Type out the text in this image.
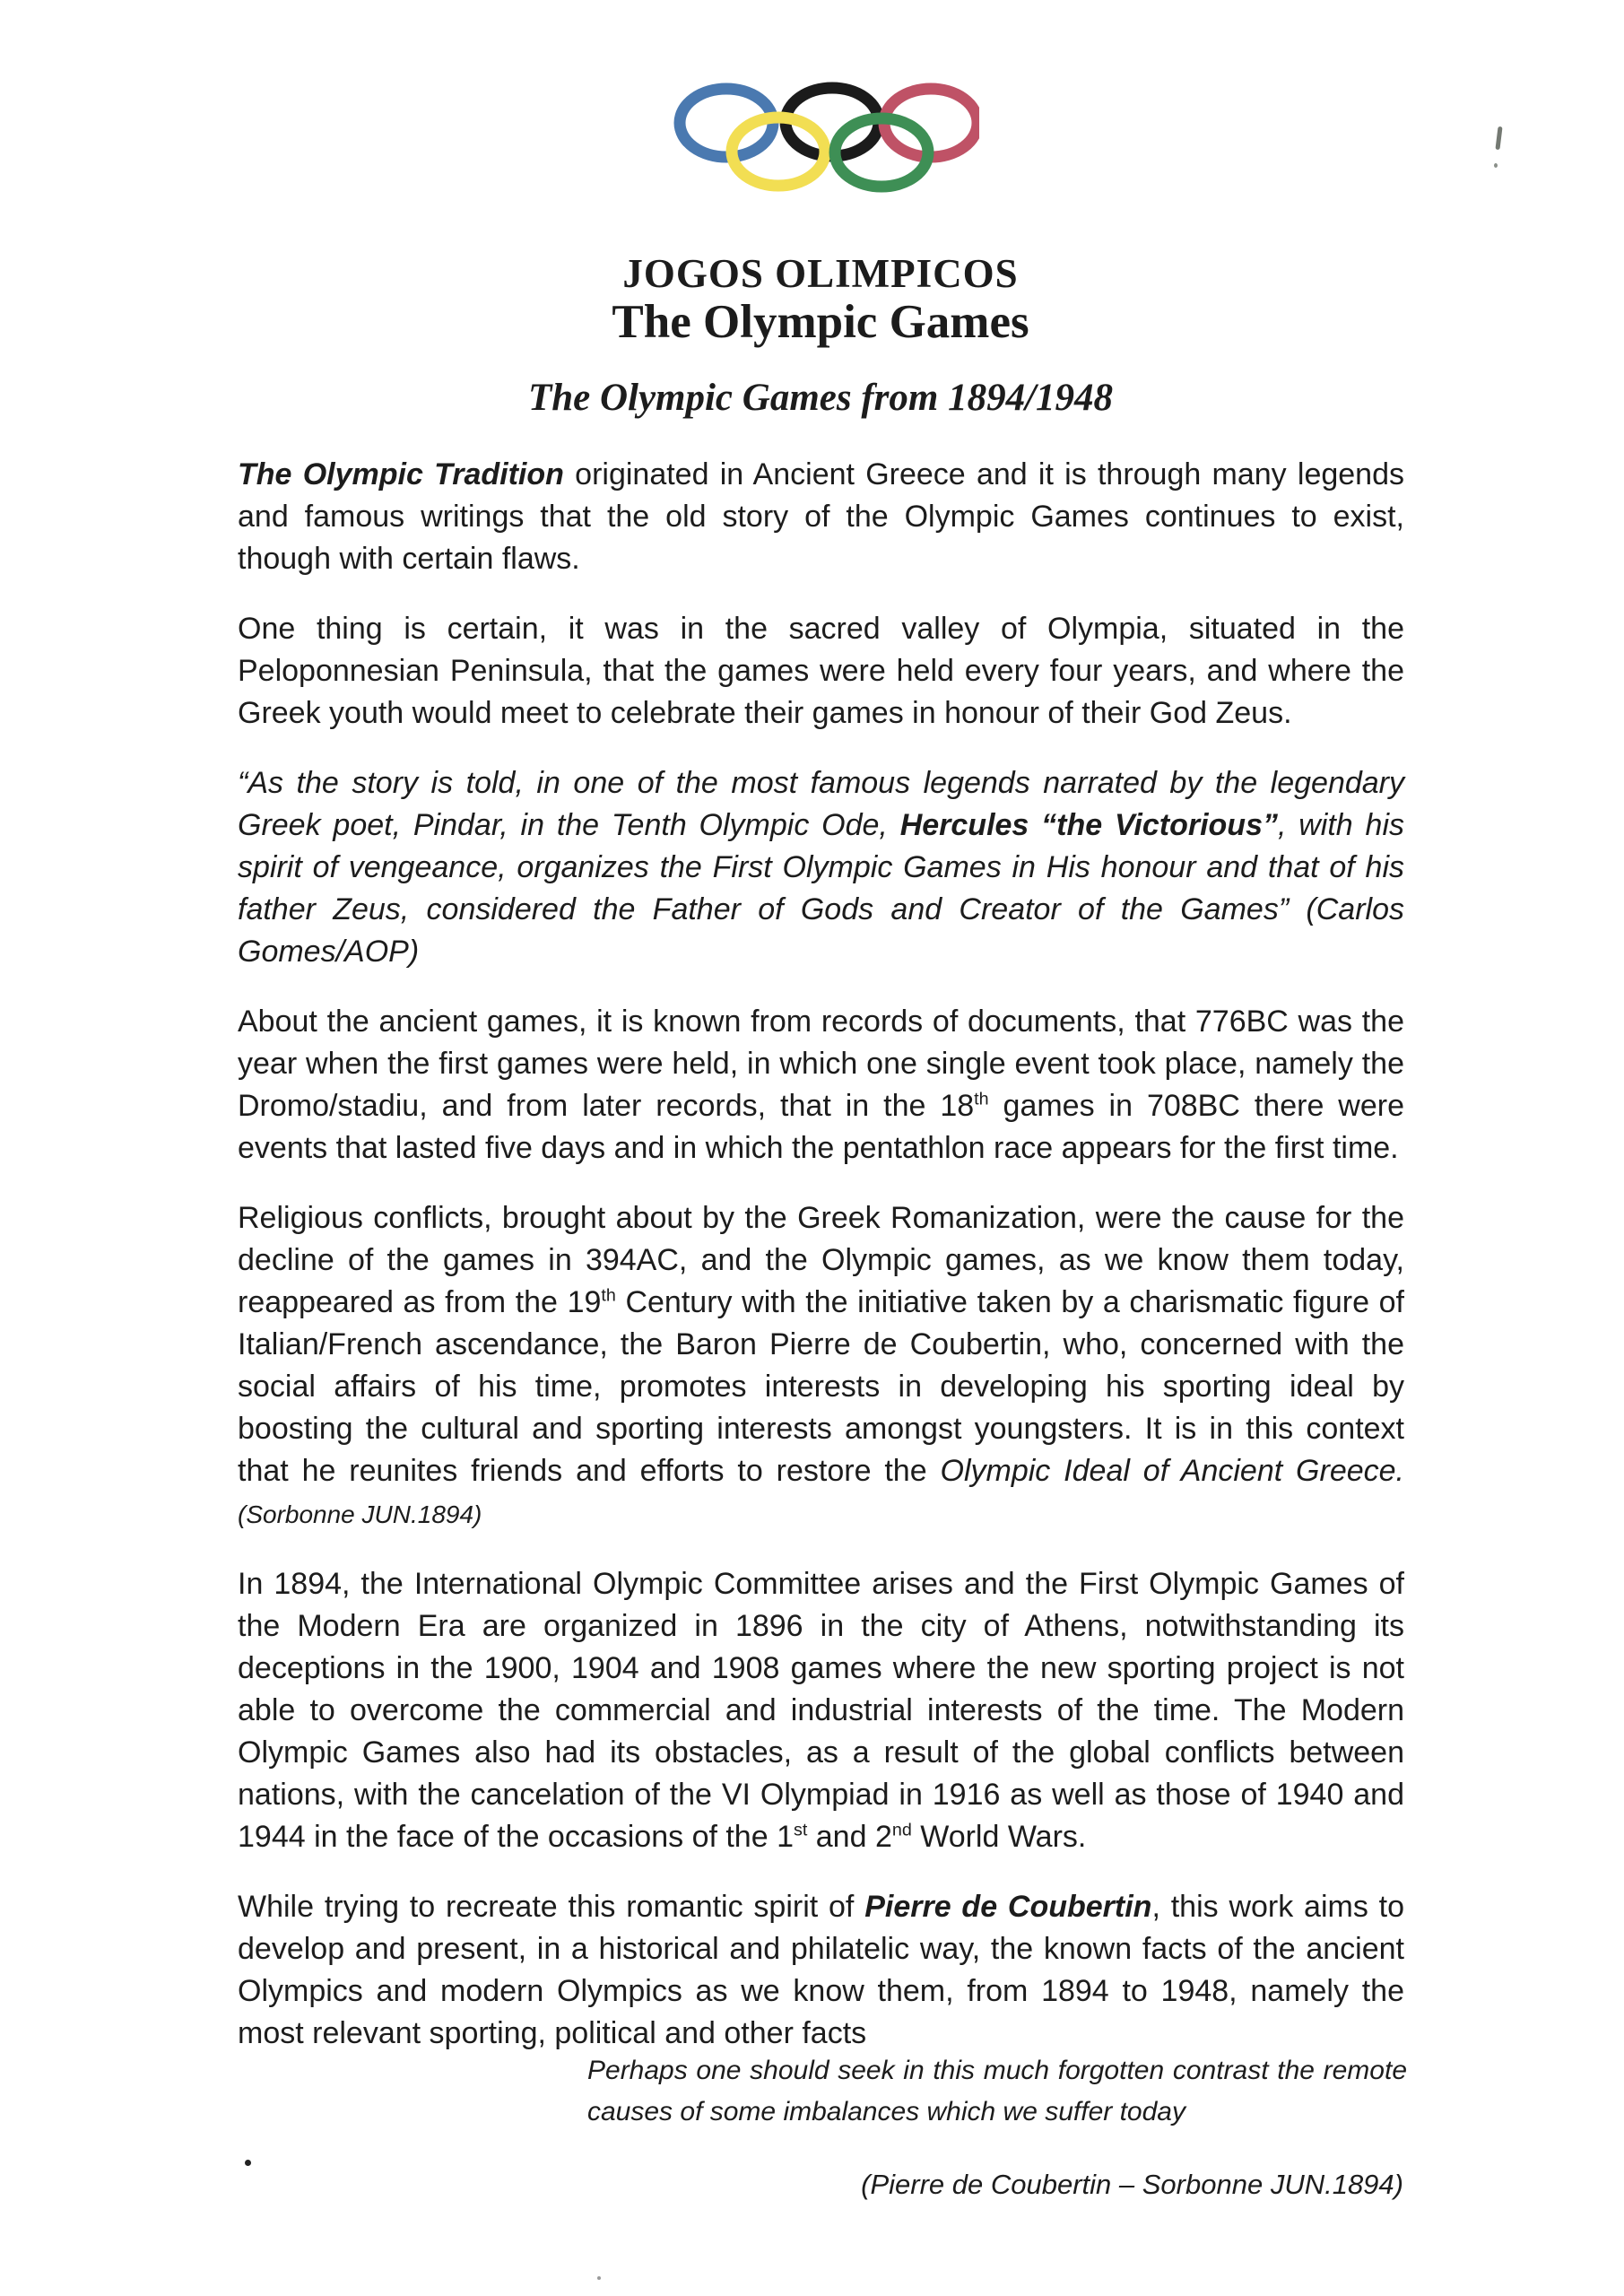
JOGOS OLIMPICOS
The Olympic Games
The Olympic Games from 1894/1948

The Olympic Tradition originated in Ancient Greece and it is through many legends and famous writings that the old story of the Olympic Games continues to exist, though with certain flaws.

One thing is certain, it was in the sacred valley of Olympia, situated in the Peloponnesian Peninsula, that the games were held every four years, and where the Greek youth would meet to celebrate their games in honour of their God Zeus.

“As the story is told, in one of the most famous legends narrated by the legendary Greek poet, Pindar, in the Tenth Olympic Ode, Hercules “the Victorious”, with his spirit of vengeance, organizes the First Olympic Games in His honour and that of his father Zeus, considered the Father of Gods and Creator of the Games” (Carlos Gomes/AOP)

About the ancient games, it is known from records of documents, that 776BC was the year when the first games were held, in which one single event took place, namely the Dromo/stadiu, and from later records, that in the 18th games in 708BC there were events that lasted five days and in which the pentathlon race appears for the first time.

Religious conflicts, brought about by the Greek Romanization, were the cause for the decline of the games in 394AC, and the Olympic games, as we know them today, reappeared as from the 19th Century with the initiative taken by a charismatic figure of Italian/French ascendance, the Baron Pierre de Coubertin, who, concerned with the social affairs of his time, promotes interests in developing his sporting ideal by boosting the cultural and sporting interests amongst youngsters. It is in this context that he reunites friends and efforts to restore the Olympic Ideal of Ancient Greece. (Sorbonne JUN.1894)

In 1894, the International Olympic Committee arises and the First Olympic Games of the Modern Era are organized in 1896 in the city of Athens, notwithstanding its deceptions in the 1900, 1904 and 1908 games where the new sporting project is not able to overcome the commercial and industrial interests of the time. The Modern Olympic Games also had its obstacles, as a result of the global conflicts between nations, with the cancelation of the VI Olympiad in 1916 as well as those of 1940 and 1944 in the face of the occasions of the 1st and 2nd World Wars.

While trying to recreate this romantic spirit of Pierre de Coubertin, this work aims to develop and present, in a historical and philatelic way, the known facts of the ancient Olympics and modern Olympics as we know them, from 1894 to 1948, namely the most relevant sporting, political and other facts

Perhaps one should seek in this much forgotten contrast the remote causes of some imbalances which we suffer today
(Pierre de Coubertin – Sorbonne JUN.1894)
